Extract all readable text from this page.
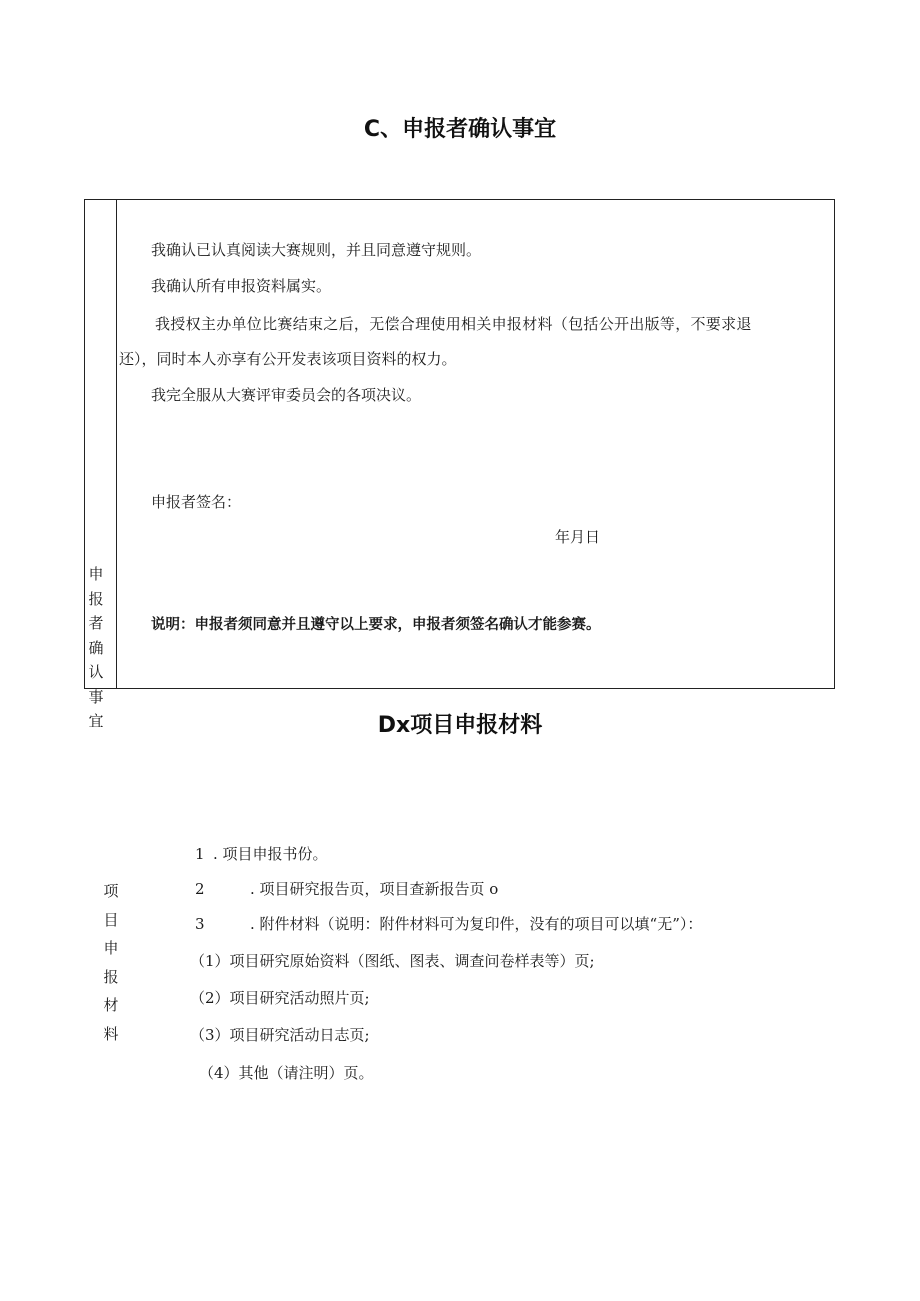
C、申报者确认事宜
申
报
者
确
认
事
宜
我确认已认真阅读大赛规则，并且同意遵守规则。
我确认所有申报资料属实。
我授权主办单位比赛结束之后，无偿合理使用相关申报材料（包括公开出版等，不要求退
还），同时本人亦享有公开发表该项目资料的权力。
我完全服从大赛评审委员会的各项决议。
申报者签名：
年月日
说明：申报者须同意并且遵守以上要求，申报者须签名确认才能参赛。
Dx项目申报材料
项
目
申
报
材
料
1 . 项目申报书份。
2	. 项目研究报告页，项目查新报告页 o
3	. 附件材料（说明：附件材料可为复印件，没有的项目可以填“无”）：
（1）项目研究原始资料（图纸、图表、调查问卷样表等）页;
（2）项目研究活动照片页;
（3）项目研究活动日志页;
（4）其他（请注明）页。
